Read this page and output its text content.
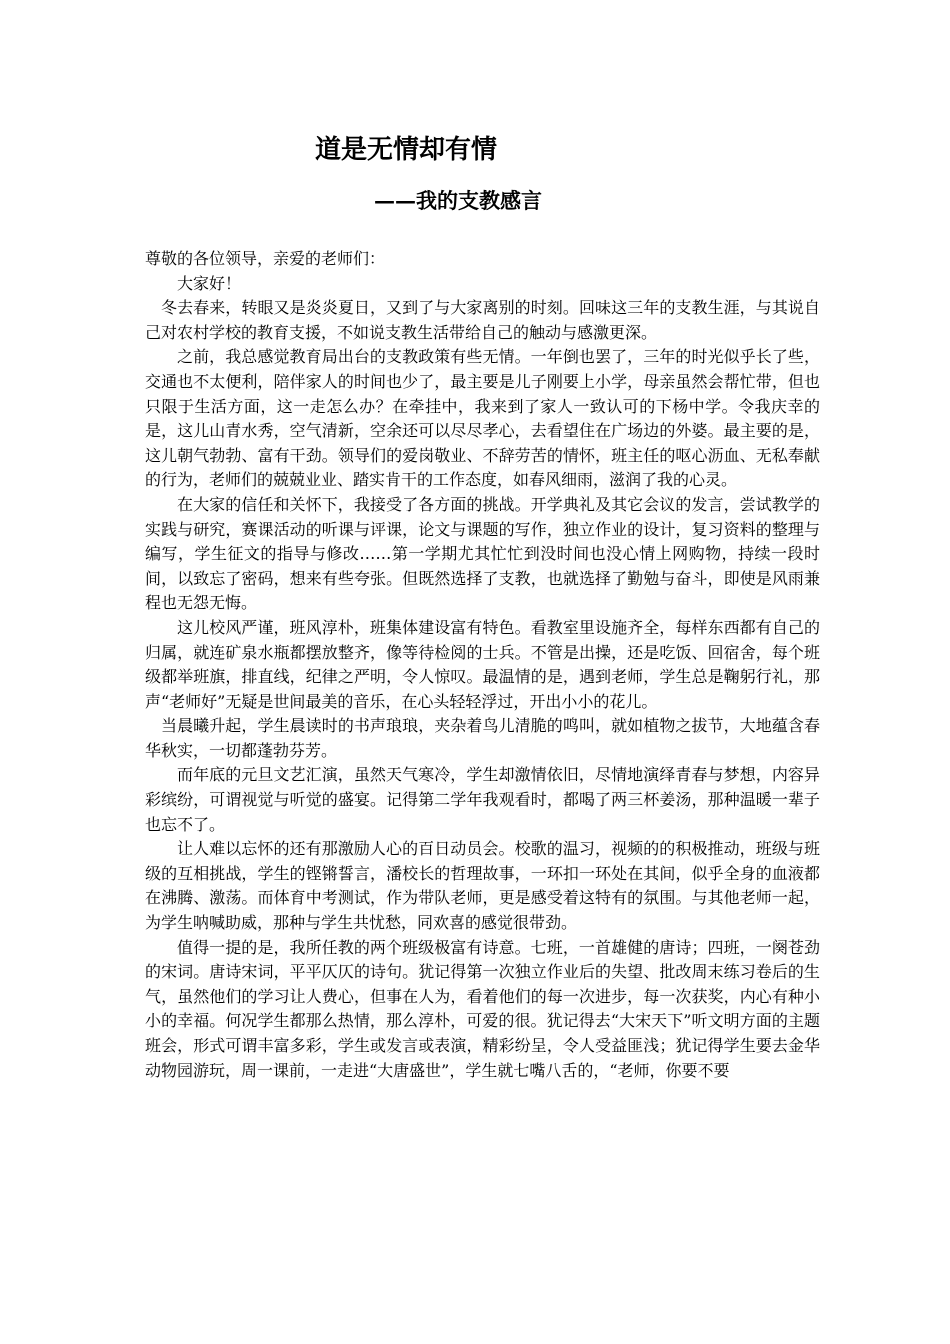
道是无情却有情
——我的支教感言

尊敬的各位领导，亲爱的老师们：

大家好！

冬去春来，转眼又是炎炎夏日，又到了与大家离别的时刻。回味这三年的支教生涯，与其说自己对农村学校的教育支援，不如说支教生活带给自己的触动与感激更深。

之前，我总感觉教育局出台的支教政策有些无情。一年倒也罢了，三年的时光似乎长了些，交通也不太便利，陪伴家人的时间也少了，最主要是儿子刚要上小学，母亲虽然会帮忙带，但也只限于生活方面，这一走怎么办？在牵挂中，我来到了家人一致认可的下杨中学。令我庆幸的是，这儿山青水秀，空气清新，空余还可以尽尽孝心，去看望住在广场边的外婆。最主要的是，这儿朝气勃勃、富有干劲。领导们的爱岗敬业、不辞劳苦的情怀，班主任的呕心沥血、无私奉献的行为，老师们的兢兢业业、踏实肯干的工作态度，如春风细雨，滋润了我的心灵。

在大家的信任和关怀下，我接受了各方面的挑战。开学典礼及其它会议的发言，尝试教学的实践与研究，赛课活动的听课与评课，论文与课题的写作，独立作业的设计，复习资料的整理与编写，学生征文的指导与修改……第一学期尤其忙忙到没时间也没心情上网购物，持续一段时间，以致忘了密码，想来有些夸张。但既然选择了支教，也就选择了勤勉与奋斗，即使是风雨兼程也无怨无悔。

这儿校风严谨，班风淳朴，班集体建设富有特色。看教室里设施齐全，每样东西都有自己的归属，就连矿泉水瓶都摆放整齐，像等待检阅的士兵。不管是出操，还是吃饭、回宿舍，每个班级都举班旗，排直线，纪律之严明，令人惊叹。最温情的是，遇到老师，学生总是鞠躬行礼，那声“老师好”无疑是世间最美的音乐，在心头轻轻浮过，开出小小的花儿。

当晨曦升起，学生晨读时的书声琅琅，夹杂着鸟儿清脆的鸣叫，就如植物之拔节，大地蕴含春华秋实，一切都蓬勃芬芳。

而年底的元旦文艺汇演，虽然天气寒冷，学生却激情依旧，尽情地演绎青春与梦想，内容异彩缤纷，可谓视觉与听觉的盛宴。记得第二学年我观看时，都喝了两三杯姜汤，那种温暖一辈子也忘不了。

让人难以忘怀的还有那激励人心的百日动员会。校歌的温习，视频的的积极推动，班级与班级的互相挑战，学生的铿锵誓言，潘校长的哲理故事，一环扣一环处在其间，似乎全身的血液都在沸腾、激荡。而体育中考测试，作为带队老师，更是感受着这特有的氛围。与其他老师一起，为学生呐喊助威，那种与学生共忧愁，同欢喜的感觉很带劲。

值得一提的是，我所任教的两个班级极富有诗意。七班，一首雄健的唐诗；四班，一阕苍劲的宋词。唐诗宋词，平平仄仄的诗句。犹记得第一次独立作业后的失望、批改周末练习卷后的生气，虽然他们的学习让人费心，但事在人为，看着他们的每一次进步，每一次获奖，内心有种小小的幸福。何况学生都那么热情，那么淳朴，可爱的很。犹记得去“大宋天下”听文明方面的主题班会，形式可谓丰富多彩，学生或发言或表演，精彩纷呈，令人受益匪浅；犹记得学生要去金华动物园游玩，周一课前，一走进“大唐盛世”，学生就七嘴八舌的，“老师，你要不要
